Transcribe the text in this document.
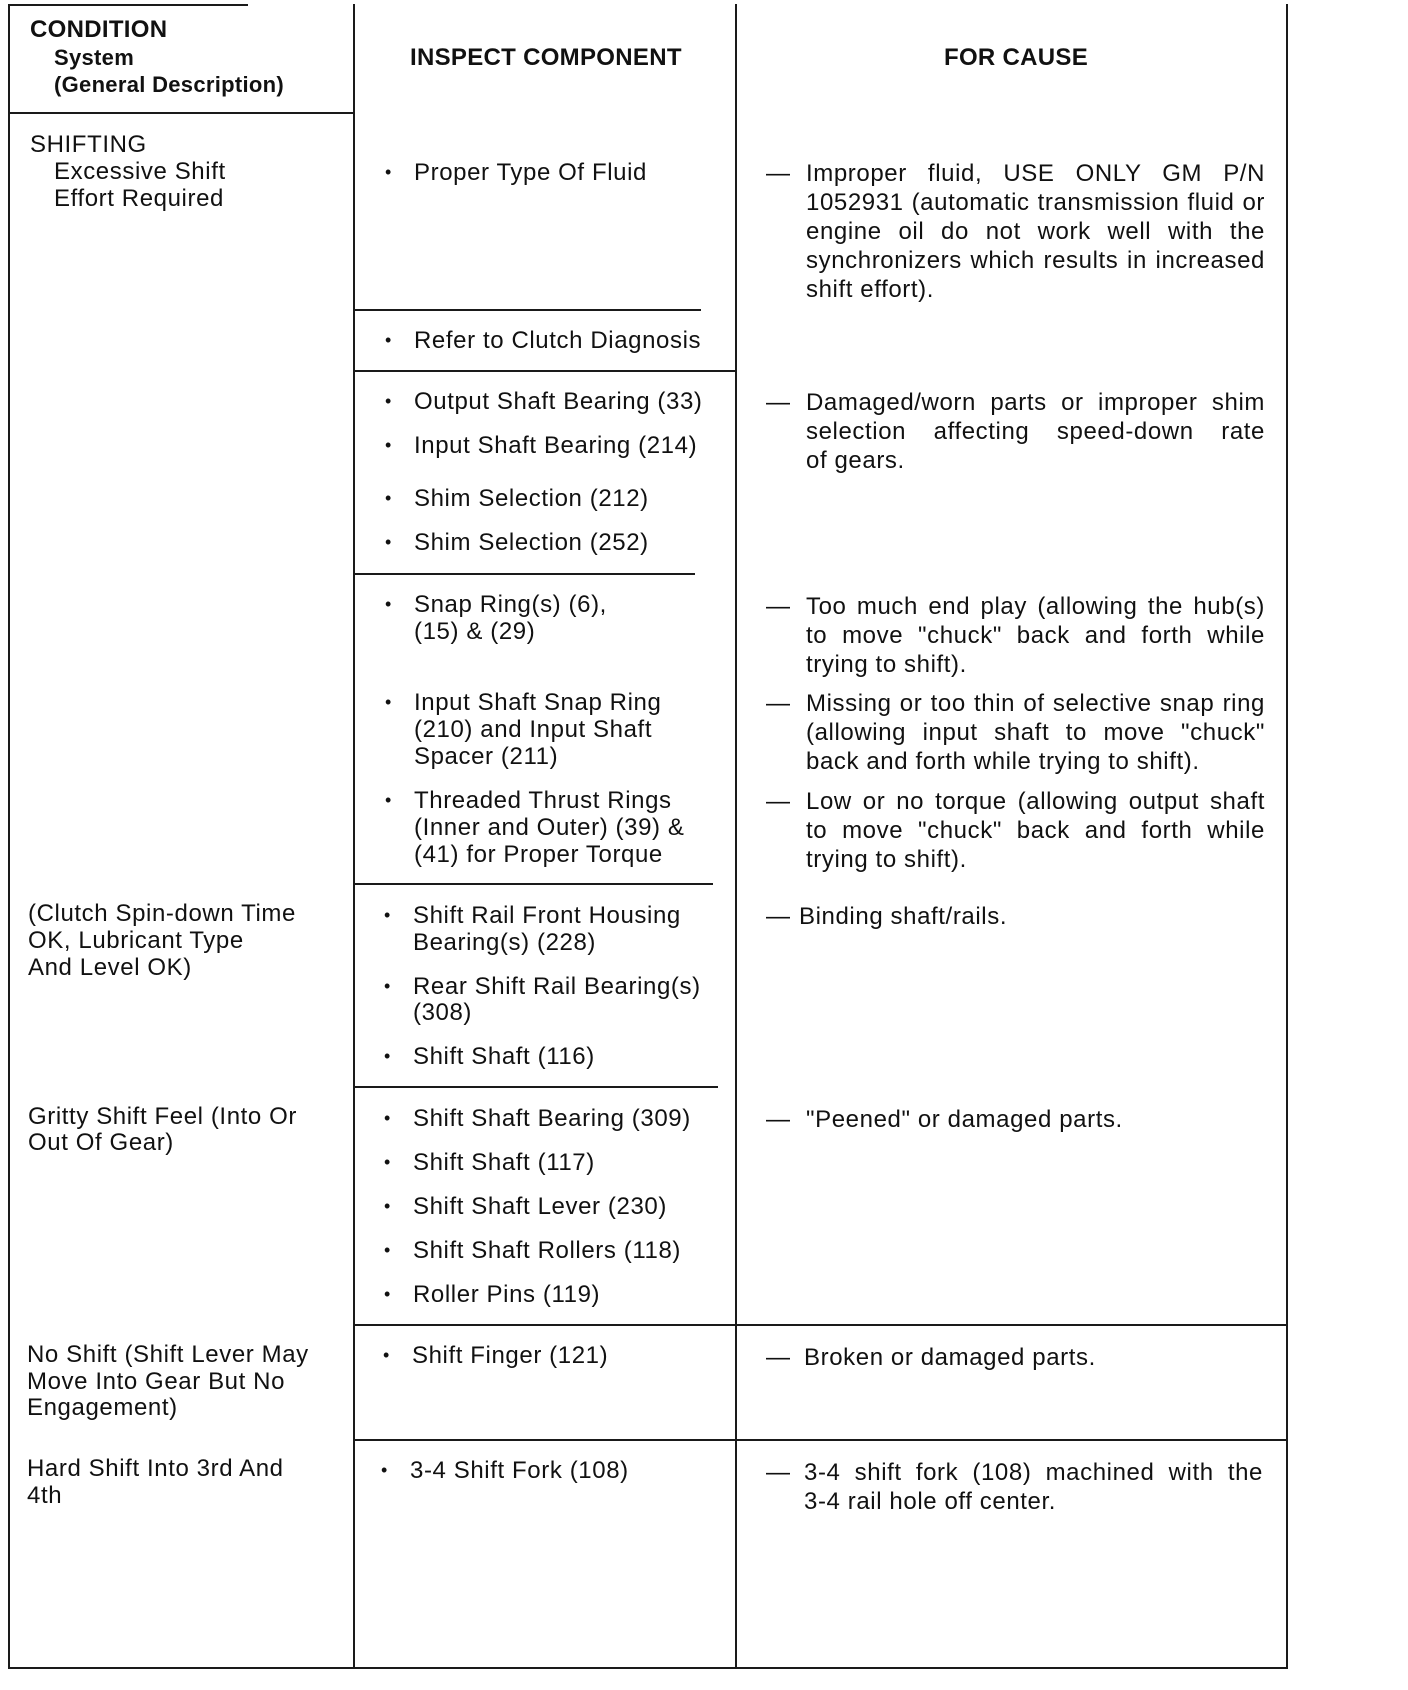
CONDITION
System
(General Description)
INSPECT COMPONENT	FOR CAUSE
SHIFTING
Excessive Shift
Effort Required
(Clutch Spin-down Time
OK, Lubricant Type
And Level OK)
Gritty Shift Feel (Into Or
Out Of Gear)
No Shift (Shift Lever May
Move Into Gear But No
Engagement)
Hard Shift Into 3rd And
4th
• Proper Type Of Fluid
• Refer to Clutch Diagnosis
• Output Shaft Bearing (33)
• Input Shaft Bearing (214)
• Shim Selection (212)
• Shim Selection (252)
• Snap Ring(s) (6),
(15) & (29)
• Input Shaft Snap Ring
(210) and Input Shaft
Spacer (211)
• Threaded Thrust Rings
(Inner and Outer) (39) &
(41) for Proper Torque
• Shift Rail Front Housing
Bearing(s) (228)
• Rear Shift Rail Bearing(s)
(308)
• Shift Shaft (116)
• Shift Shaft Bearing (309)
• Shift Shaft (117)
• Shift Shaft Lever (230)
• Shift Shaft Rollers (118)
• Roller Pins (119)
• Shift Finger (121)
• 3-4 Shift Fork (108)
— Improper fluid, USE ONLY GM P/N
1052931 (automatic transmission fluid or
engine oil do not work well with the
synchronizers which results in increased
shift effort).
— Damaged/worn parts or improper shim
selection affecting speed-down rate
of gears.
— Too much end play (allowing the hub(s)
to move "chuck" back and forth while
trying to shift).
— Missing or too thin of selective snap ring
(allowing input shaft to move "chuck"
back and forth while trying to shift).
— Low or no torque (allowing output shaft
to move "chuck" back and forth while
trying to shift).
— Binding shaft/rails.
— "Peened" or damaged parts.
— Broken or damaged parts.
— 3-4 shift fork (108) machined with the
3-4 rail hole off center.
